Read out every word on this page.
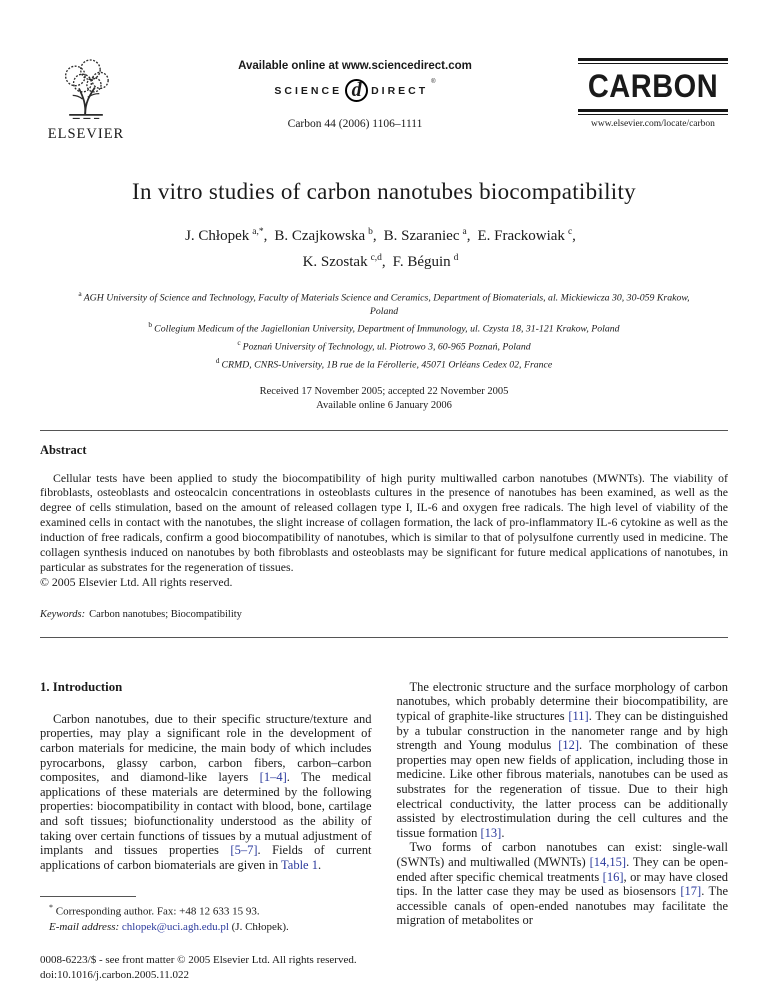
ELSEVIER
Available online at www.sciencedirect.com
SCIENCE d DIRECT
®
Carbon 44 (2006) 1106–1111
CARBON
www.elsevier.com/locate/carbon
In vitro studies of carbon nanotubes biocompatibility
J. Chłopek $^{a,*}$, B. Czajkowska $^b$, B. Szaraniec $^a$, E. Frackowiak $^c$,
K. Szostak $^{c,d}$, F. Béguin $^d$
$^a$ AGH University of Science and Technology, Faculty of Materials Science and Ceramics, Department of Biomaterials, al. Mickiewicza 30, 30-059 Krakow, Poland
$^b$ Collegium Medicum of the Jagiellonian University, Department of Immunology, ul. Czysta 18, 31-121 Krakow, Poland
$^c$ Poznań University of Technology, ul. Piotrowo 3, 60-965 Poznań, Poland
$^d$ CRMD, CNRS-University, 1B rue de la Férollerie, 45071 Orléans Cedex 02, France
Received 17 November 2005; accepted 22 November 2005
Available online 6 January 2006
Abstract

Cellular tests have been applied to study the biocompatibility of high purity multiwalled carbon nanotubes (MWNTs). The viability of fibroblasts, osteoblasts and osteocalcin concentrations in osteoblasts cultures in the presence of nanotubes has been examined, as well as the degree of cells stimulation, based on the amount of released collagen type I, IL-6 and oxygen free radicals. The high level of viability of the examined cells in contact with the nanotubes, the slight increase of collagen formation, the lack of pro-inflammatory IL-6 cytokine as well as the induction of free radicals, confirm a good biocompatibility of nanotubes, which is similar to that of polysulfone currently used in medicine. The collagen synthesis induced on nanotubes by both fibroblasts and osteoblasts may be significant for future medical applications of nanotubes, in particular as substrates for the regeneration of tissues.

© 2005 Elsevier Ltd. All rights reserved.
Keywords: Carbon nanotubes; Biocompatibility
1. Introduction

Carbon nanotubes, due to their specific structure/texture and properties, may play a significant role in the development of carbon materials for medicine, the main body of which includes pyrocarbons, glassy carbon, carbon fibers, carbon–carbon composites, and diamond-like layers [1–4]. The medical applications of these materials are determined by the following properties: biocompatibility in contact with blood, bone, cartilage and soft tissues; biofunctionality understood as the ability of taking over certain functions of tissues by a mutual adjustment of implants and tissues properties [5–7]. Fields of current applications of carbon biomaterials are given in Table 1.

* Corresponding author. Fax: +48 12 633 15 93.
E-mail address: chlopek@uci.agh.edu.pl (J. Chłopek).
0008-6223/$ - see front matter © 2005 Elsevier Ltd. All rights reserved.
doi:10.1016/j.carbon.2005.11.022

The electronic structure and the surface morphology of carbon nanotubes, which probably determine their biocompatibility, are typical of graphite-like structures [11]. They can be distinguished by a tubular construction in the nanometer range and by high strength and Young modulus [12]. The combination of these properties may open new fields of application, including those in medicine. Like other fibrous materials, nanotubes can be used as substrates for the regeneration of tissue. Due to their high electrical conductivity, the latter process can be additionally assisted by electrostimulation during the cell cultures and the tissue formation [13].

Two forms of carbon nanotubes can exist: single-wall (SWNTs) and multiwalled (MWNTs) [14,15]. They can be open-ended after specific chemical treatments [16], or may have closed tips. In the latter case they may be used as biosensors [17]. The accessible canals of open-ended nanotubes may facilitate the migration of metabolites or
